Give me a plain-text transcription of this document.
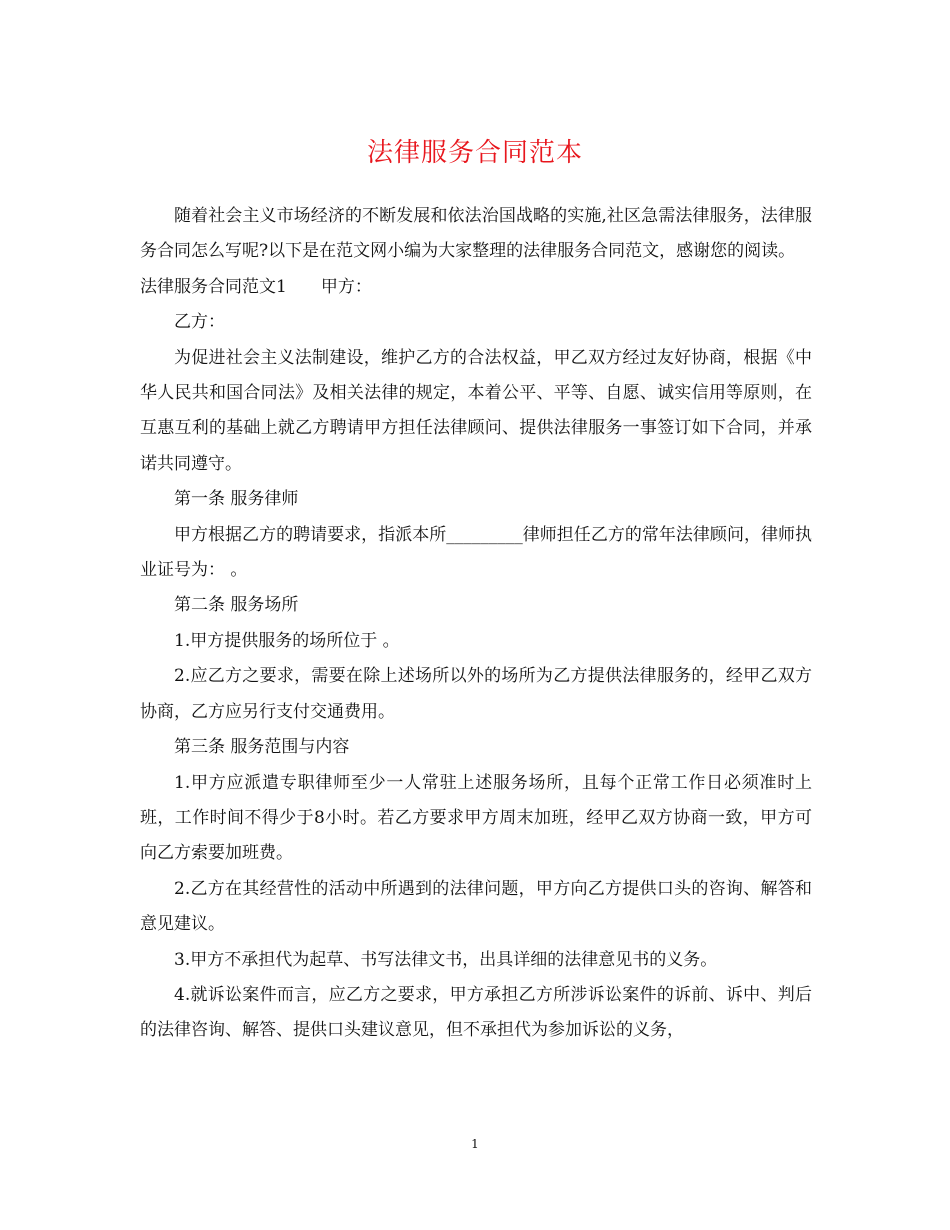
法律服务合同范本

随着社会主义市场经济的不断发展和依法治国战略的实施,社区急需法律服务，法律服务合同怎么写呢?以下是在范文网小编为大家整理的法律服务合同范文，感谢您的阅读。

法律服务合同范文1 甲方：

乙方：

为促进社会主义法制建设，维护乙方的合法权益，甲乙双方经过友好协商，根据《中华人民共和国合同法》及相关法律的规定，本着公平、平等、自愿、诚实信用等原则，在互惠互利的基础上就乙方聘请甲方担任法律顾问、提供法律服务一事签订如下合同，并承诺共同遵守。

第一条 服务律师

甲方根据乙方的聘请要求，指派本所_________律师担任乙方的常年法律顾问，律师执业证号为： 。

第二条 服务场所

1.甲方提供服务的场所位于 。

2.应乙方之要求，需要在除上述场所以外的场所为乙方提供法律服务的，经甲乙双方协商，乙方应另行支付交通费用。

第三条 服务范围与内容

1.甲方应派遣专职律师至少一人常驻上述服务场所，且每个正常工作日必须准时上班，工作时间不得少于8小时。若乙方要求甲方周末加班，经甲乙双方协商一致，甲方可向乙方索要加班费。

2.乙方在其经营性的活动中所遇到的法律问题，甲方向乙方提供口头的咨询、解答和意见建议。

3.甲方不承担代为起草、书写法律文书，出具详细的法律意见书的义务。

4.就诉讼案件而言，应乙方之要求，甲方承担乙方所涉诉讼案件的诉前、诉中、判后的法律咨询、解答、提供口头建议意见，但不承担代为参加诉讼的义务，

1
